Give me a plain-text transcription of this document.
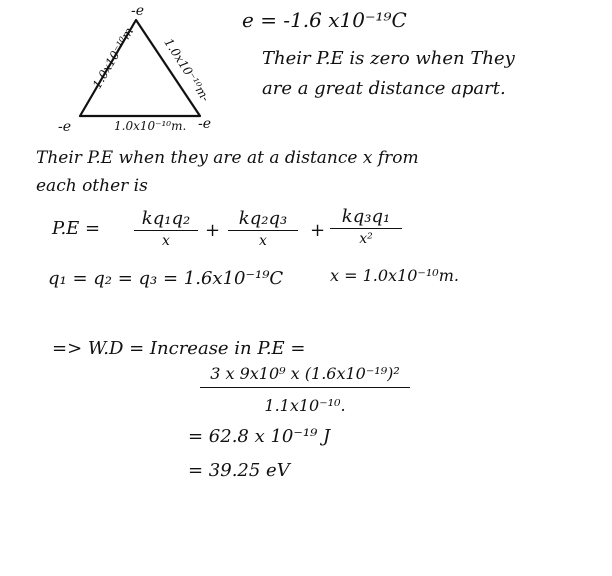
-e
-e	-e
1.0x10⁻¹⁰m	1.0x10⁻¹⁰m-
1.0x10⁻¹⁰m.
e = -1.6 x10⁻¹⁹C
Their P.E is zero when They
are a great distance apart.
Their P.E when they are at a distance x from
each other is
P.E =	kq₁q₂
x	+
kq₂q₃
x	+
kq₃q₁
x²
q₁ = q₂ = q₃ = 1.6x10⁻¹⁹C	x = 1.0x10⁻¹⁰m.
=> W.D = Increase in P.E =
3 x 9x10⁹ x (1.6x10⁻¹⁹)²
1.1x10⁻¹⁰.
= 62.8 x 10⁻¹⁹ J
= 39.25 eV
